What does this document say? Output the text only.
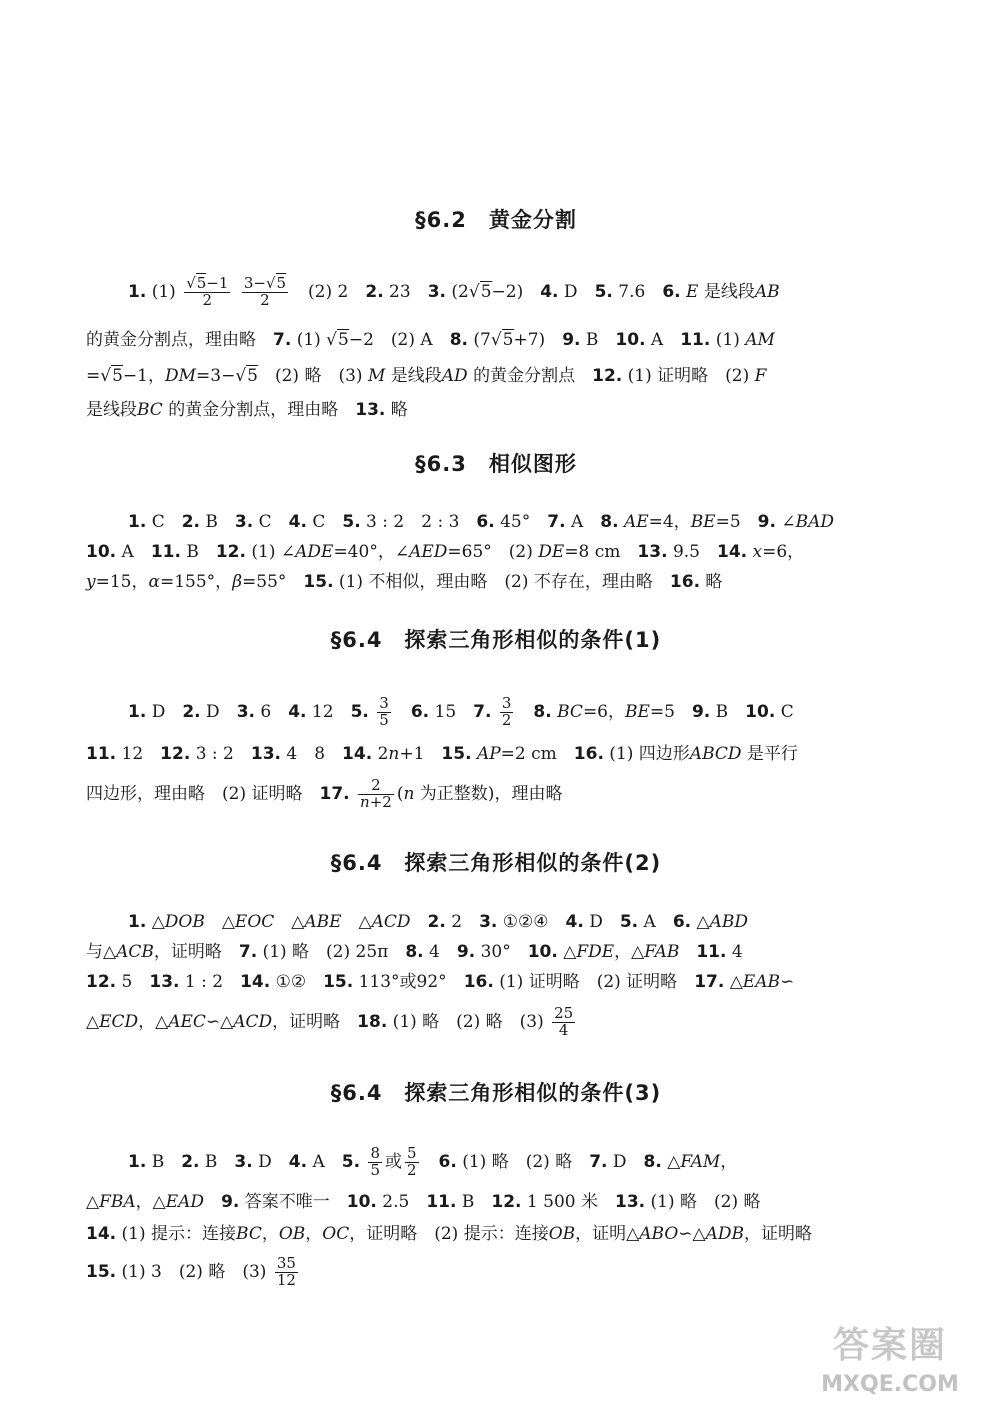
§6.2　黄金分割
1. $(1) \frac{√5-1}{2}$
$\frac{3-√5}{2}$ 　(2) 2　2. 23　3. (2√5−2)　4. D　5. 7.6　6. E 是线段AB
的黄金分割点，理由略　7. (1) √5−2　(2) A　8. (7√5+7)　9. B　10. A　11. (1) AM
=√5−1，DM=3−√5　(2) 略　(3) M 是线段AD 的黄金分割点　12. (1) 证明略　(2) F
是线段BC 的黄金分割点，理由略　13. 略
§6.3　相似图形
1. C　2. B　3. C　4. C　5. 3 : 2　2 : 3　6. 45°　7. A　8. AE=4，BE=5　9. ∠BAD
10. A　11. B　12. (1) ∠ADE=40°，∠AED=65°　(2) DE=8 cm　13. 9.5　14. x=6，
y=15，α=155°，β=55°　15. (1) 不相似，理由略　(2) 不存在，理由略　16. 略
§6.4　探索三角形相似的条件(1)
1. D　2. D　3. 6　4. 12　5. $\frac{3}{5}$
　 6. 15　7. $\frac{3}{2}$
　 8. BC=6，BE=5　9. B　10. C
11. 12　12. 3 : 2　13. 4　8　14. 2n+1　15. AP=2 cm　16. (1) 四边形ABCD 是平行
四边形，理由略　(2) 证明略　17. $\frac{2}{n+2} (n$ 为正整数)，理由略
§6.4　探索三角形相似的条件(2)
1. △DOB　△EOC　△ABE　△ACD　 2. 2　3. ①②④　4. D　5. A　6. △ABD
与△ACB，证明略　7. (1) 略　(2) 25π　8. 4　9. 30°　10. △FDE，△FAB　 11. 4
12. 5　13. 1 : 2　14. ①②　15. 113°或92°　16. (1) 证明略　(2) 证明略　17. △EAB∽
△ECD，△AEC∽△ACD，证明略　18. (1) 略　(2) 略　$(3) \frac{25}{4}$
§6.4　探索三角形相似的条件(3)
1. B　2. B　3. D　4. A　5. $\frac{8}{5}$ 或 $\frac{5}{2}$
　 6. (1) 略　(2) 略　7. D　8. △FAM，
△FBA，△EAD　 9. 答案不唯一　10. 2.5　11. B　12. 1 500 米　13. (1) 略　(2) 略
14. (1) 提示：连接BC，OB，OC，证明略　(2) 提示：连接OB，证明△ABO∽△ADB，证明略
15. (1) 3　(2) 略　$(3) \frac{35}{12}$
答案圈
MXQE.COM
